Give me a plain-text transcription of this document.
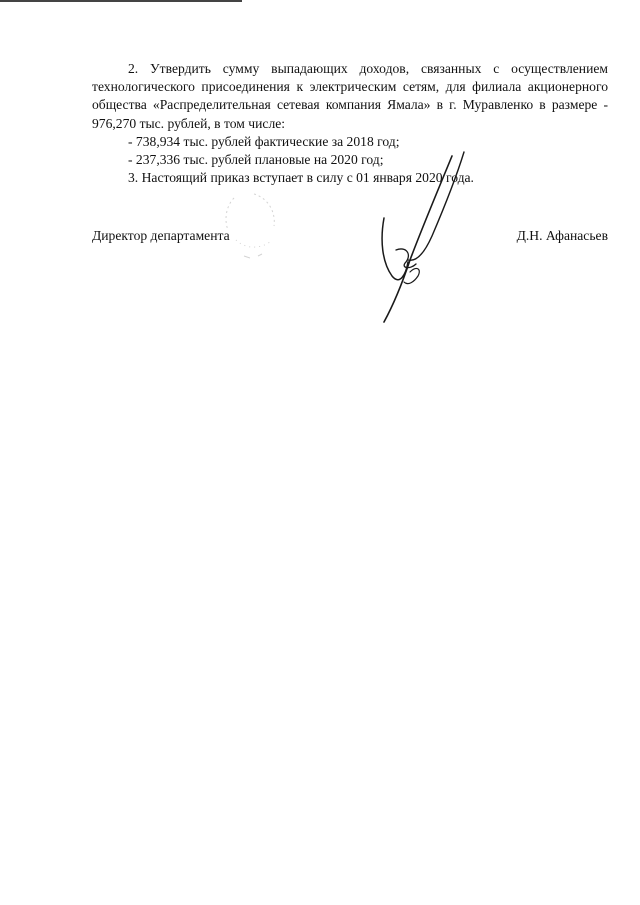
2. Утвердить сумму выпадающих доходов, связанных с осуществлением технологического присоединения к электрическим сетям, для филиала акционерного общества «Распределительная сетевая компания Ямала» в г. Муравленко в размере - 976,270 тыс. рублей, в том числе:

- 738,934 тыс. рублей фактические за 2018 год;

- 237,336 тыс. рублей плановые на 2020 год;

3. Настоящий приказ вступает в силу с 01 января 2020 года.

Директор департамента	Д.Н. Афанасьев
